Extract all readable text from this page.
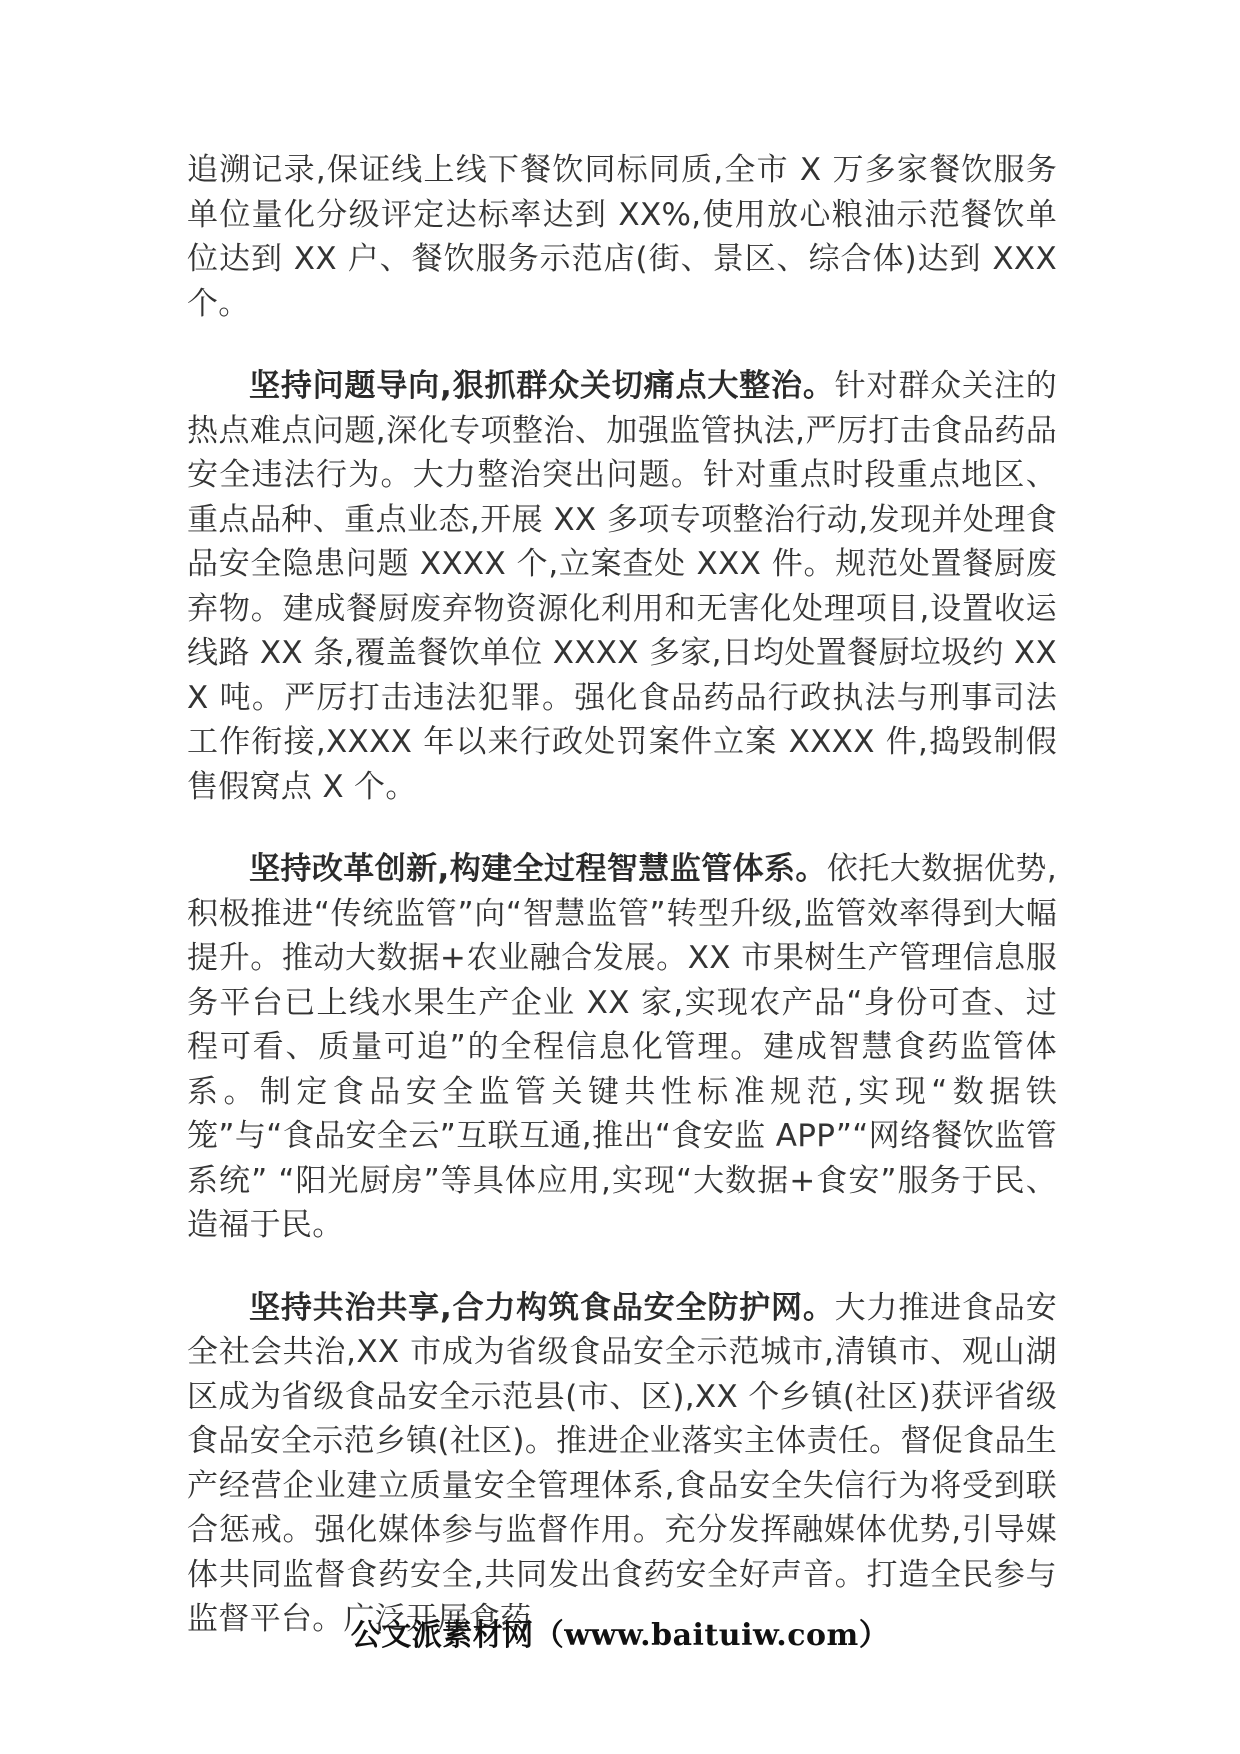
追溯记录,保证线上线下餐饮同标同质,全市 X 万多家餐饮服务单位量化分级评定达标率达到 XX%,使用放心粮油示范餐饮单位达到 XX 户、餐饮服务示范店(街、景区、综合体)达到 XXX 个。

坚持问题导向,狠抓群众关切痛点大整治。针对群众关注的热点难点问题,深化专项整治、加强监管执法,严厉打击食品药品安全违法行为。大力整治突出问题。针对重点时段重点地区、重点品种、重点业态,开展 XX 多项专项整治行动,发现并处理食品安全隐患问题 XXXX 个,立案查处 XXX 件。规范处置餐厨废弃物。建成餐厨废弃物资源化利用和无害化处理项目,设置收运线路 XX 条,覆盖餐饮单位 XXXX 多家,日均处置餐厨垃圾约 XXX 吨。严厉打击违法犯罪。强化食品药品行政执法与刑事司法工作衔接,XXXX 年以来行政处罚案件立案 XXXX 件,捣毁制假售假窝点 X 个。

坚持改革创新,构建全过程智慧监管体系。依托大数据优势,积极推进“传统监管”向“智慧监管”转型升级,监管效率得到大幅提升。推动大数据+农业融合发展。XX 市果树生产管理信息服务平台已上线水果生产企业 XX 家,实现农产品“身份可查、过程可看、质量可追”的全程信息化管理。建成智慧食药监管体系。制定食品安全监管关键共性标准规范,实现“数据铁笼”与“食品安全云”互联互通,推出“食安监 APP”“网络餐饮监管系统” “阳光厨房”等具体应用,实现“大数据+食安”服务于民、造福于民。

坚持共治共享,合力构筑食品安全防护网。大力推进食品安全社会共治,XX 市成为省级食品安全示范城市,清镇市、观山湖区成为省级食品安全示范县(市、区),XX 个乡镇(社区)获评省级食品安全示范乡镇(社区)。推进企业落实主体责任。督促食品生产经营企业建立质量安全管理体系,食品安全失信行为将受到联合惩戒。强化媒体参与监督作用。充分发挥融媒体优势,引导媒体共同监督食药安全,共同发出食药安全好声音。打造全民参与监督平台。广泛开展食药

公文派素材网（www.baituiw.com）
